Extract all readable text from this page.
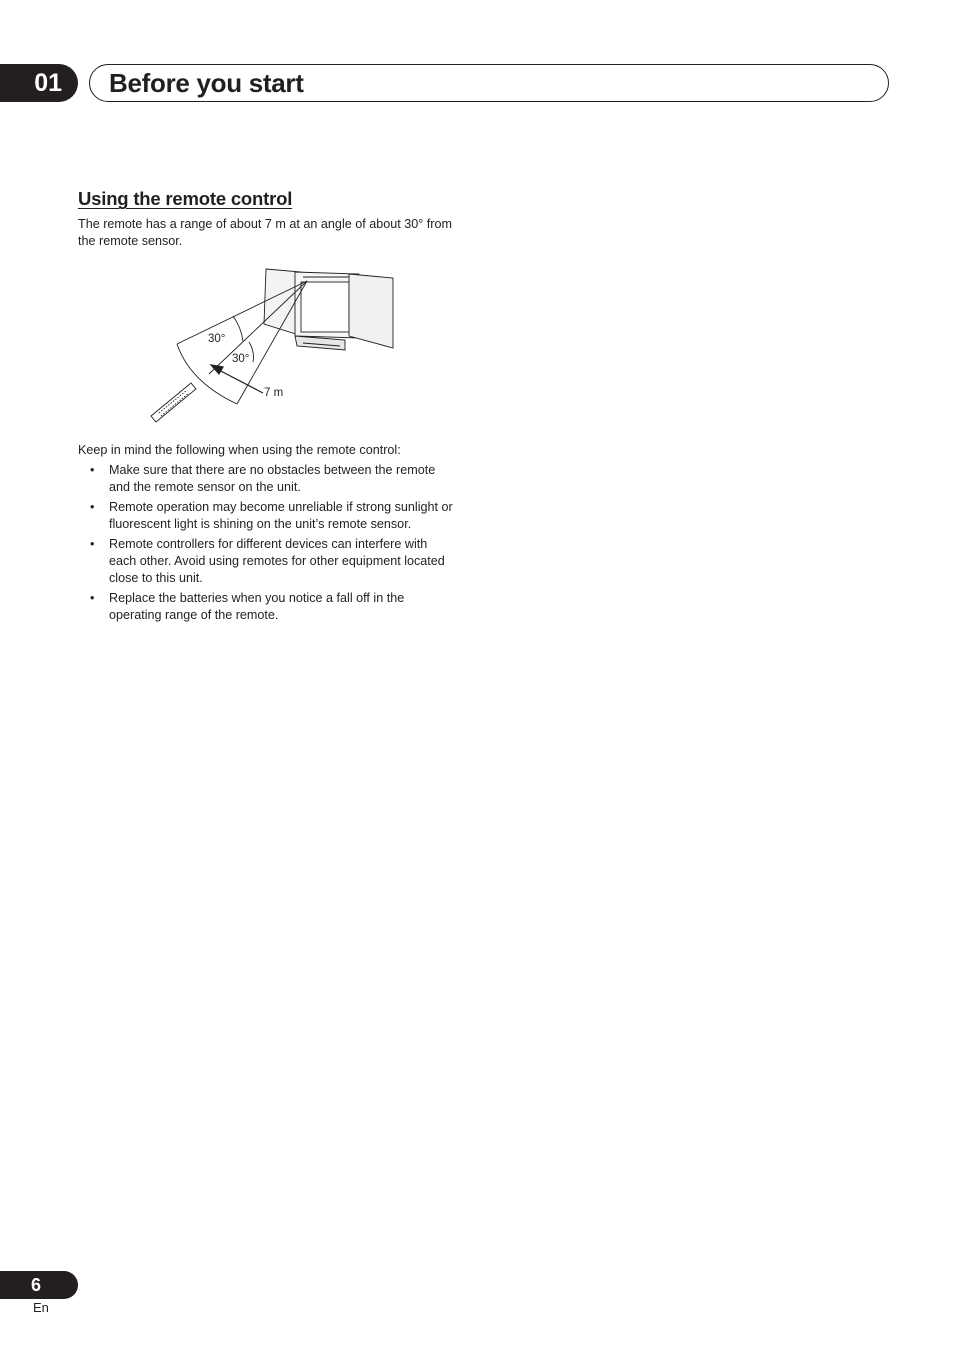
01	Before you start
Using the remote control
The remote has a range of about 7 m at an angle of about 30° from the remote sensor.
30°
30°
7 m
Keep in mind the following when using the remote control:
• Make sure that there are no obstacles between the remote and the remote sensor on the unit.
• Remote operation may become unreliable if strong sunlight or fluorescent light is shining on the unit’s remote sensor.
• Remote controllers for different devices can interfere with each other. Avoid using remotes for other equipment located close to this unit.
• Replace the batteries when you notice a fall off in the operating range of the remote.
6
En
